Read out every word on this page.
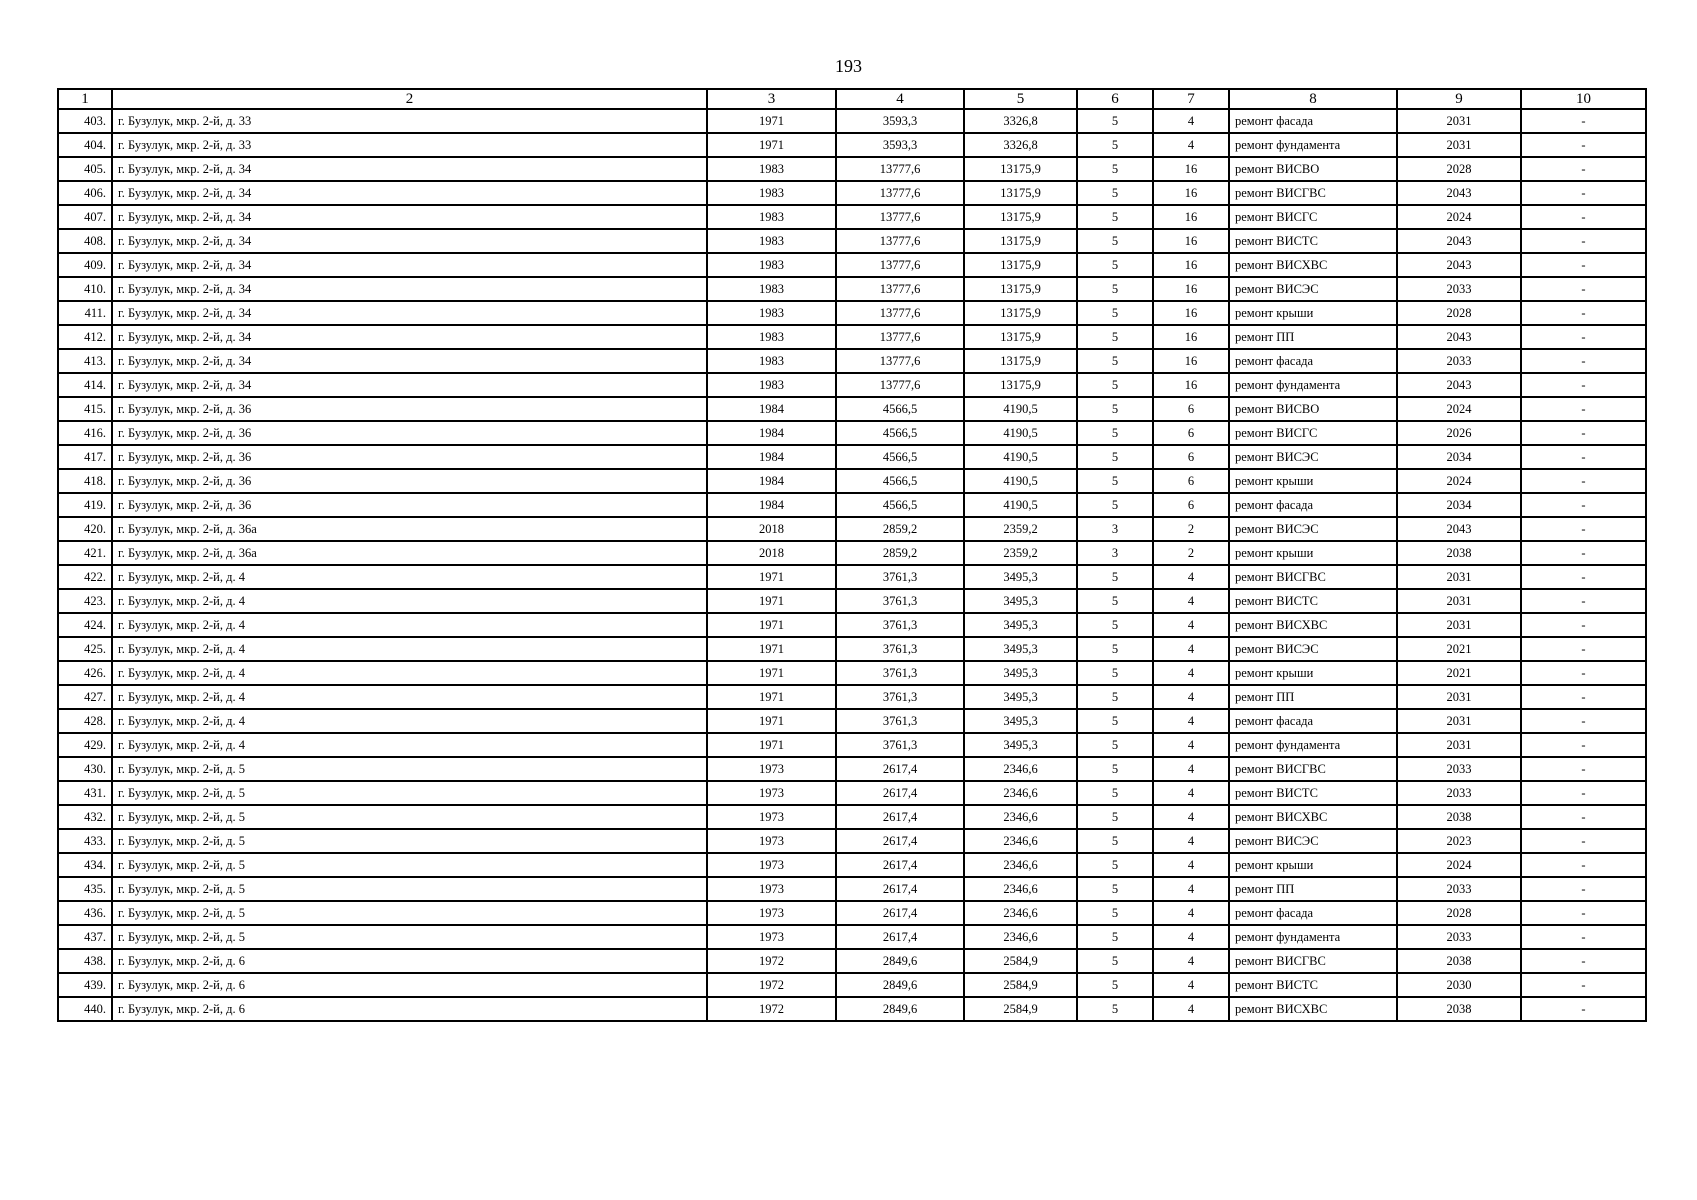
193
1	2	3	4	5	6	7	8	9	10
403.	г. Бузулук, мкр. 2-й, д. 33	1971	3593,3	3326,8	5	4	ремонт фасада	2031	-
404.	г. Бузулук, мкр. 2-й, д. 33	1971	3593,3	3326,8	5	4	ремонт фундамента	2031	-
405.	г. Бузулук, мкр. 2-й, д. 34	1983	13777,6	13175,9	5	16	ремонт ВИСВО	2028	-
406.	г. Бузулук, мкр. 2-й, д. 34	1983	13777,6	13175,9	5	16	ремонт ВИСГВС	2043	-
407.	г. Бузулук, мкр. 2-й, д. 34	1983	13777,6	13175,9	5	16	ремонт ВИСГС	2024	-
408.	г. Бузулук, мкр. 2-й, д. 34	1983	13777,6	13175,9	5	16	ремонт ВИСТС	2043	-
409.	г. Бузулук, мкр. 2-й, д. 34	1983	13777,6	13175,9	5	16	ремонт ВИСХВС	2043	-
410.	г. Бузулук, мкр. 2-й, д. 34	1983	13777,6	13175,9	5	16	ремонт ВИСЭС	2033	-
411.	г. Бузулук, мкр. 2-й, д. 34	1983	13777,6	13175,9	5	16	ремонт крыши	2028	-
412.	г. Бузулук, мкр. 2-й, д. 34	1983	13777,6	13175,9	5	16	ремонт ПП	2043	-
413.	г. Бузулук, мкр. 2-й, д. 34	1983	13777,6	13175,9	5	16	ремонт фасада	2033	-
414.	г. Бузулук, мкр. 2-й, д. 34	1983	13777,6	13175,9	5	16	ремонт фундамента	2043	-
415.	г. Бузулук, мкр. 2-й, д. 36	1984	4566,5	4190,5	5	6	ремонт ВИСВО	2024	-
416.	г. Бузулук, мкр. 2-й, д. 36	1984	4566,5	4190,5	5	6	ремонт ВИСГС	2026	-
417.	г. Бузулук, мкр. 2-й, д. 36	1984	4566,5	4190,5	5	6	ремонт ВИСЭС	2034	-
418.	г. Бузулук, мкр. 2-й, д. 36	1984	4566,5	4190,5	5	6	ремонт крыши	2024	-
419.	г. Бузулук, мкр. 2-й, д. 36	1984	4566,5	4190,5	5	6	ремонт фасада	2034	-
420.	г. Бузулук, мкр. 2-й, д. 36а	2018	2859,2	2359,2	3	2	ремонт ВИСЭС	2043	-
421.	г. Бузулук, мкр. 2-й, д. 36а	2018	2859,2	2359,2	3	2	ремонт крыши	2038	-
422.	г. Бузулук, мкр. 2-й, д. 4	1971	3761,3	3495,3	5	4	ремонт ВИСГВС	2031	-
423.	г. Бузулук, мкр. 2-й, д. 4	1971	3761,3	3495,3	5	4	ремонт ВИСТС	2031	-
424.	г. Бузулук, мкр. 2-й, д. 4	1971	3761,3	3495,3	5	4	ремонт ВИСХВС	2031	-
425.	г. Бузулук, мкр. 2-й, д. 4	1971	3761,3	3495,3	5	4	ремонт ВИСЭС	2021	-
426.	г. Бузулук, мкр. 2-й, д. 4	1971	3761,3	3495,3	5	4	ремонт крыши	2021	-
427.	г. Бузулук, мкр. 2-й, д. 4	1971	3761,3	3495,3	5	4	ремонт ПП	2031	-
428.	г. Бузулук, мкр. 2-й, д. 4	1971	3761,3	3495,3	5	4	ремонт фасада	2031	-
429.	г. Бузулук, мкр. 2-й, д. 4	1971	3761,3	3495,3	5	4	ремонт фундамента	2031	-
430.	г. Бузулук, мкр. 2-й, д. 5	1973	2617,4	2346,6	5	4	ремонт ВИСГВС	2033	-
431.	г. Бузулук, мкр. 2-й, д. 5	1973	2617,4	2346,6	5	4	ремонт ВИСТС	2033	-
432.	г. Бузулук, мкр. 2-й, д. 5	1973	2617,4	2346,6	5	4	ремонт ВИСХВС	2038	-
433.	г. Бузулук, мкр. 2-й, д. 5	1973	2617,4	2346,6	5	4	ремонт ВИСЭС	2023	-
434.	г. Бузулук, мкр. 2-й, д. 5	1973	2617,4	2346,6	5	4	ремонт крыши	2024	-
435.	г. Бузулук, мкр. 2-й, д. 5	1973	2617,4	2346,6	5	4	ремонт ПП	2033	-
436.	г. Бузулук, мкр. 2-й, д. 5	1973	2617,4	2346,6	5	4	ремонт фасада	2028	-
437.	г. Бузулук, мкр. 2-й, д. 5	1973	2617,4	2346,6	5	4	ремонт фундамента	2033	-
438.	г. Бузулук, мкр. 2-й, д. 6	1972	2849,6	2584,9	5	4	ремонт ВИСГВС	2038	-
439.	г. Бузулук, мкр. 2-й, д. 6	1972	2849,6	2584,9	5	4	ремонт ВИСТС	2030	-
440.	г. Бузулук, мкр. 2-й, д. 6	1972	2849,6	2584,9	5	4	ремонт ВИСХВС	2038	-
